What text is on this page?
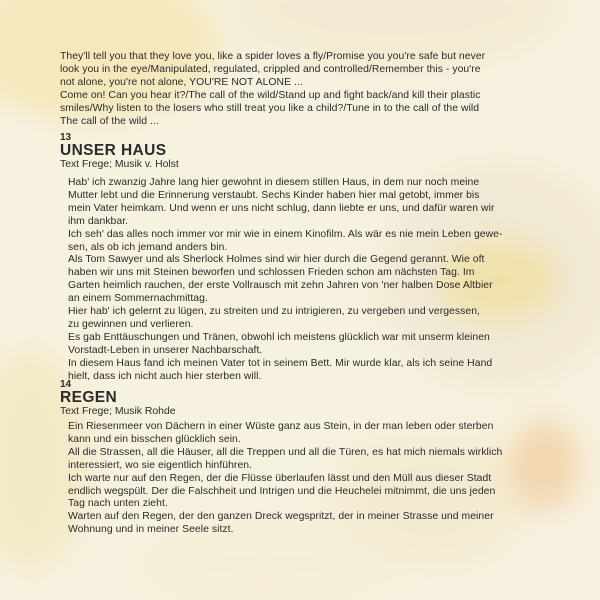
They'll tell you that they love you, like a spider loves a fly/Promise you you're safe but never

look you in the eye/Manipulated, regulated, crippled and controlled/Remember this - you're

not alone, you're not alone, YOU'RE NOT ALONE ...

Come on! Can you hear it?/The call of the wild/Stand up and fight back/and kill their plastic

smiles/Why listen to the losers who still treat you like a child?/Tune in to the call of the wild

The call of the wild ...

13
UNSER HAUS
Text Frege; Musik v. Holst

Hab' ich zwanzig Jahre lang hier gewohnt in diesem stillen Haus, in dem nur noch meine

Mutter lebt und die Erinnerung verstaubt. Sechs Kinder haben hier mal getobt, immer bis

mein Vater heimkam. Und wenn er uns nicht schlug, dann liebte er uns, und dafür waren wir

ihm dankbar.

Ich seh' das alles noch immer vor mir wie in einem Kinofilm. Als wär es nie mein Leben gewe-

sen, als ob ich jemand anders bin.

Als Tom Sawyer und als Sherlock Holmes sind wir hier durch die Gegend gerannt. Wie oft

haben wir uns mit Steinen beworfen und schlossen Frieden schon am nächsten Tag. Im

Garten heimlich rauchen, der erste Vollrausch mit zehn Jahren von 'ner halben Dose Altbier

an einem Sommernachmittag.

Hier hab' ich gelernt zu lügen, zu streiten und zu intrigieren, zu vergeben und vergessen,

zu gewinnen und verlieren.

Es gab Enttäuschungen und Tränen, obwohl ich meistens glücklich war mit unserm kleinen

Vorstadt-Leben in unserer Nachbarschaft.

In diesem Haus fand ich meinen Vater tot in seinem Bett. Mir wurde klar, als ich seine Hand

hielt, dass ich nicht auch hier sterben will.

14
REGEN
Text Frege; Musik Rohde

Ein Riesenmeer von Dächern in einer Wüste ganz aus Stein, in der man leben oder sterben

kann und ein bisschen glücklich sein.

All die Strassen, all die Häuser, all die Treppen und all die Türen, es hat mich niemals wirklich

interessiert, wo sie eigentlich hinführen.

Ich warte nur auf den Regen, der die Flüsse überlaufen lässt und den Müll aus dieser Stadt

endlich wegspült. Der die Falschheit und Intrigen und die Heuchelei mitnimmt, die uns jeden

Tag nach unten zieht.

Warten auf den Regen, der den ganzen Dreck wegspritzt, der in meiner Strasse und meiner

Wohnung und in meiner Seele sitzt.
